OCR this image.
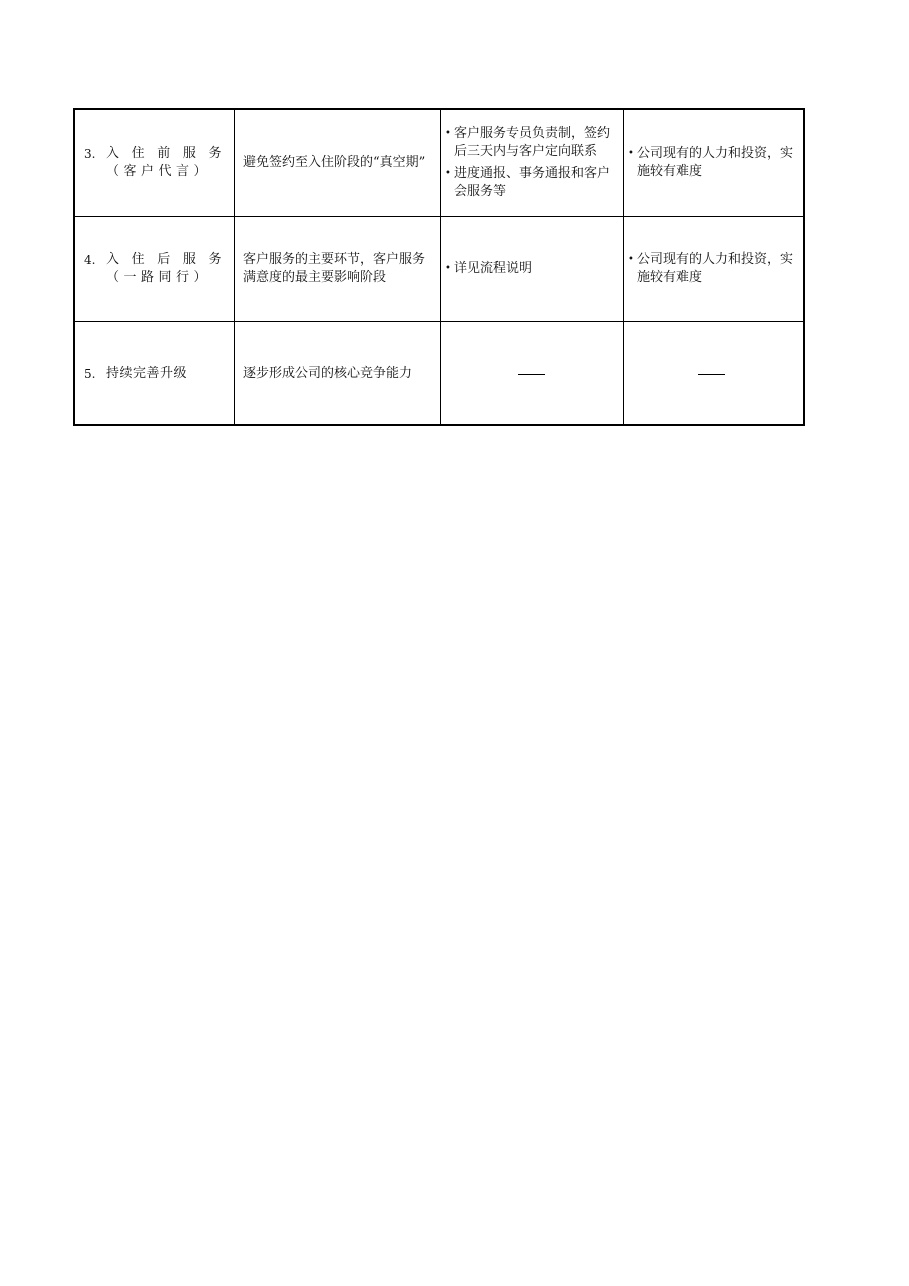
3. 入住前服务（客户代言）
避免签约至入住阶段的“真空期”
• 客户服务专员负责制，签约后三天内与客户定向联系
• 进度通报、事务通报和客户会服务等
• 公司现有的人力和投资，实施较有难度
4. 入住后服务（一路同行）
客户服务的主要环节，客户服务满意度的最主要影响阶段
• 详见流程说明
• 公司现有的人力和投资，实施较有难度
5. 持续完善升级	逐步形成公司的核心竞争能力
